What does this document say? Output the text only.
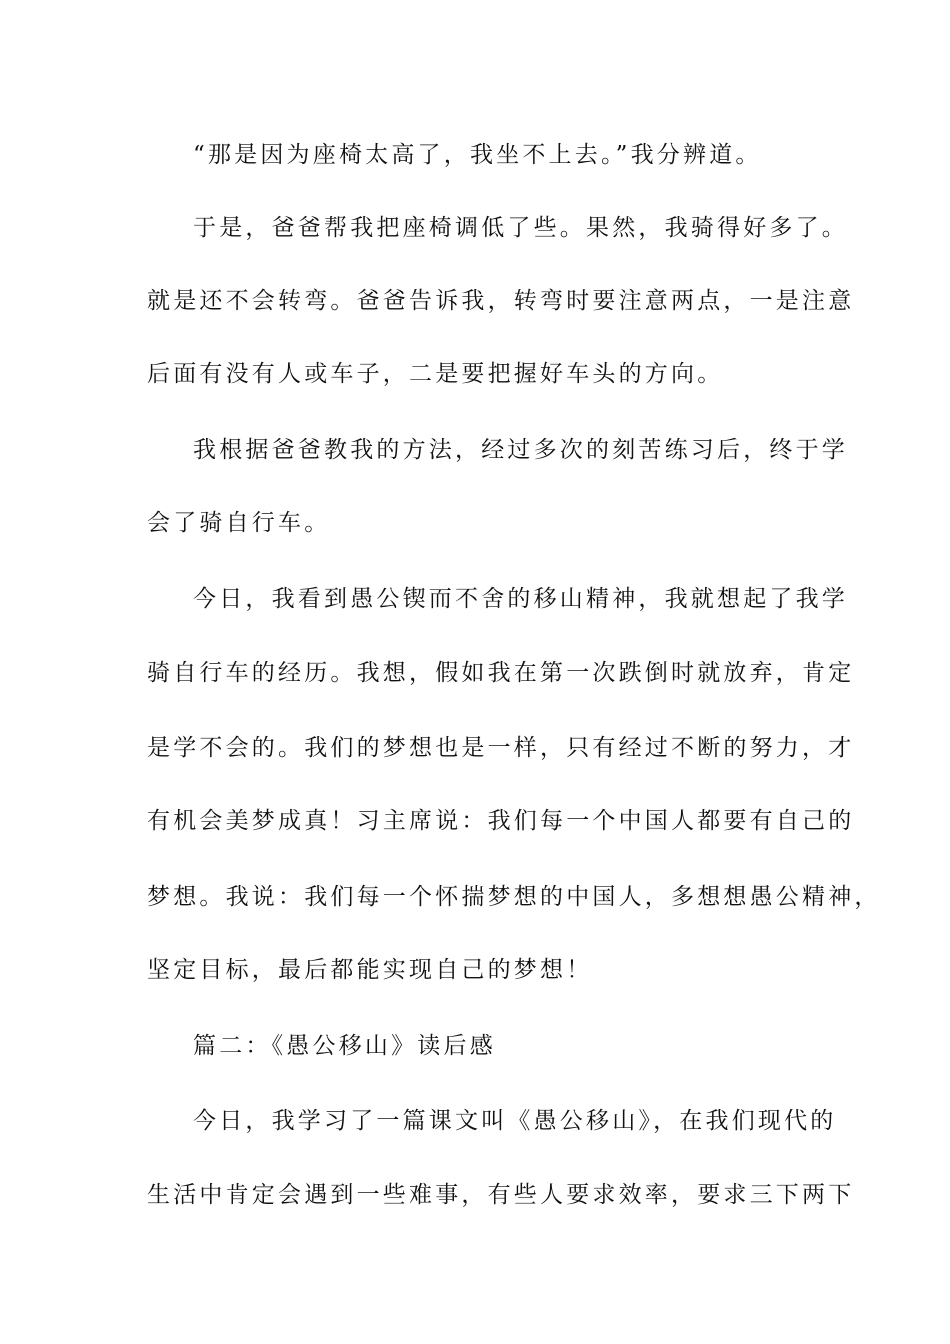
“那是因为座椅太高了，我坐不上去。”我分辨道。
于是，爸爸帮我把座椅调低了些。果然，我骑得好多了。
就是还不会转弯。爸爸告诉我，转弯时要注意两点，一是注意
后面有没有人或车子，二是要把握好车头的方向。
我根据爸爸教我的方法，经过多次的刻苦练习后，终于学
会了骑自行车。
今日，我看到愚公锲而不舍的移山精神，我就想起了我学
骑自行车的经历。我想，假如我在第一次跌倒时就放弃，肯定
是学不会的。我们的梦想也是一样，只有经过不断的努力，才
有机会美梦成真！习主席说：我们每一个中国人都要有自己的
梦想。我说：我们每一个怀揣梦想的中国人，多想想愚公精神，
坚定目标，最后都能实现自己的梦想！
篇二：《愚公移山》读后感
今日，我学习了一篇课文叫《愚公移山》，在我们现代的
生活中肯定会遇到一些难事，有些人要求效率，要求三下两下
